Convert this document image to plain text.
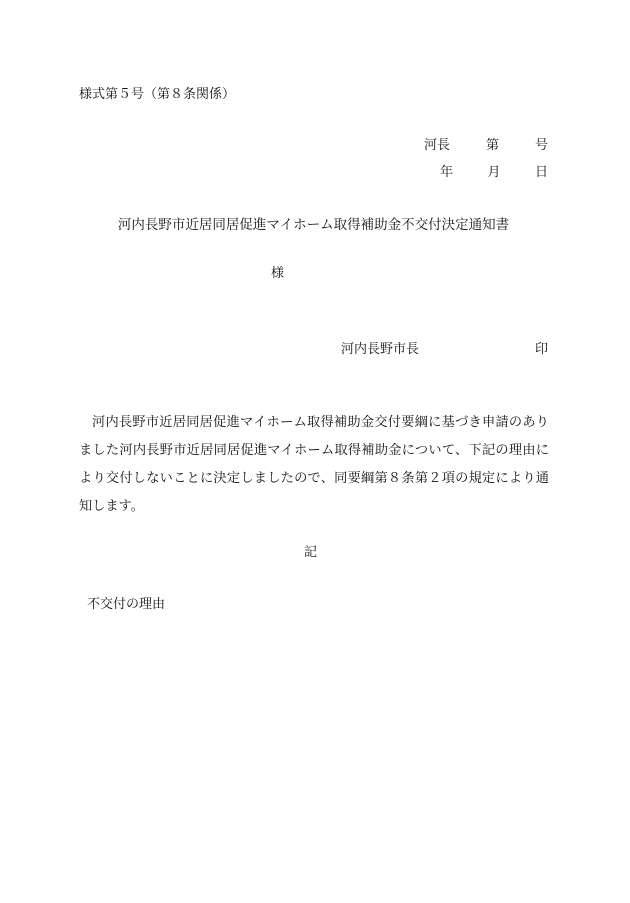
様式第５号（第８条関係）
河長	第	号
年	月	日
河内長野市近居同居促進マイホーム取得補助金不交付決定通知書
様
河内長野市長	印
河内長野市近居同居促進マイホーム取得補助金交付要綱に基づき申請のありました河内長野市近居同居促進マイホーム取得補助金について、下記の理由により交付しないことに決定しましたので、同要綱第８条第２項の規定により通知します。
記
不交付の理由
